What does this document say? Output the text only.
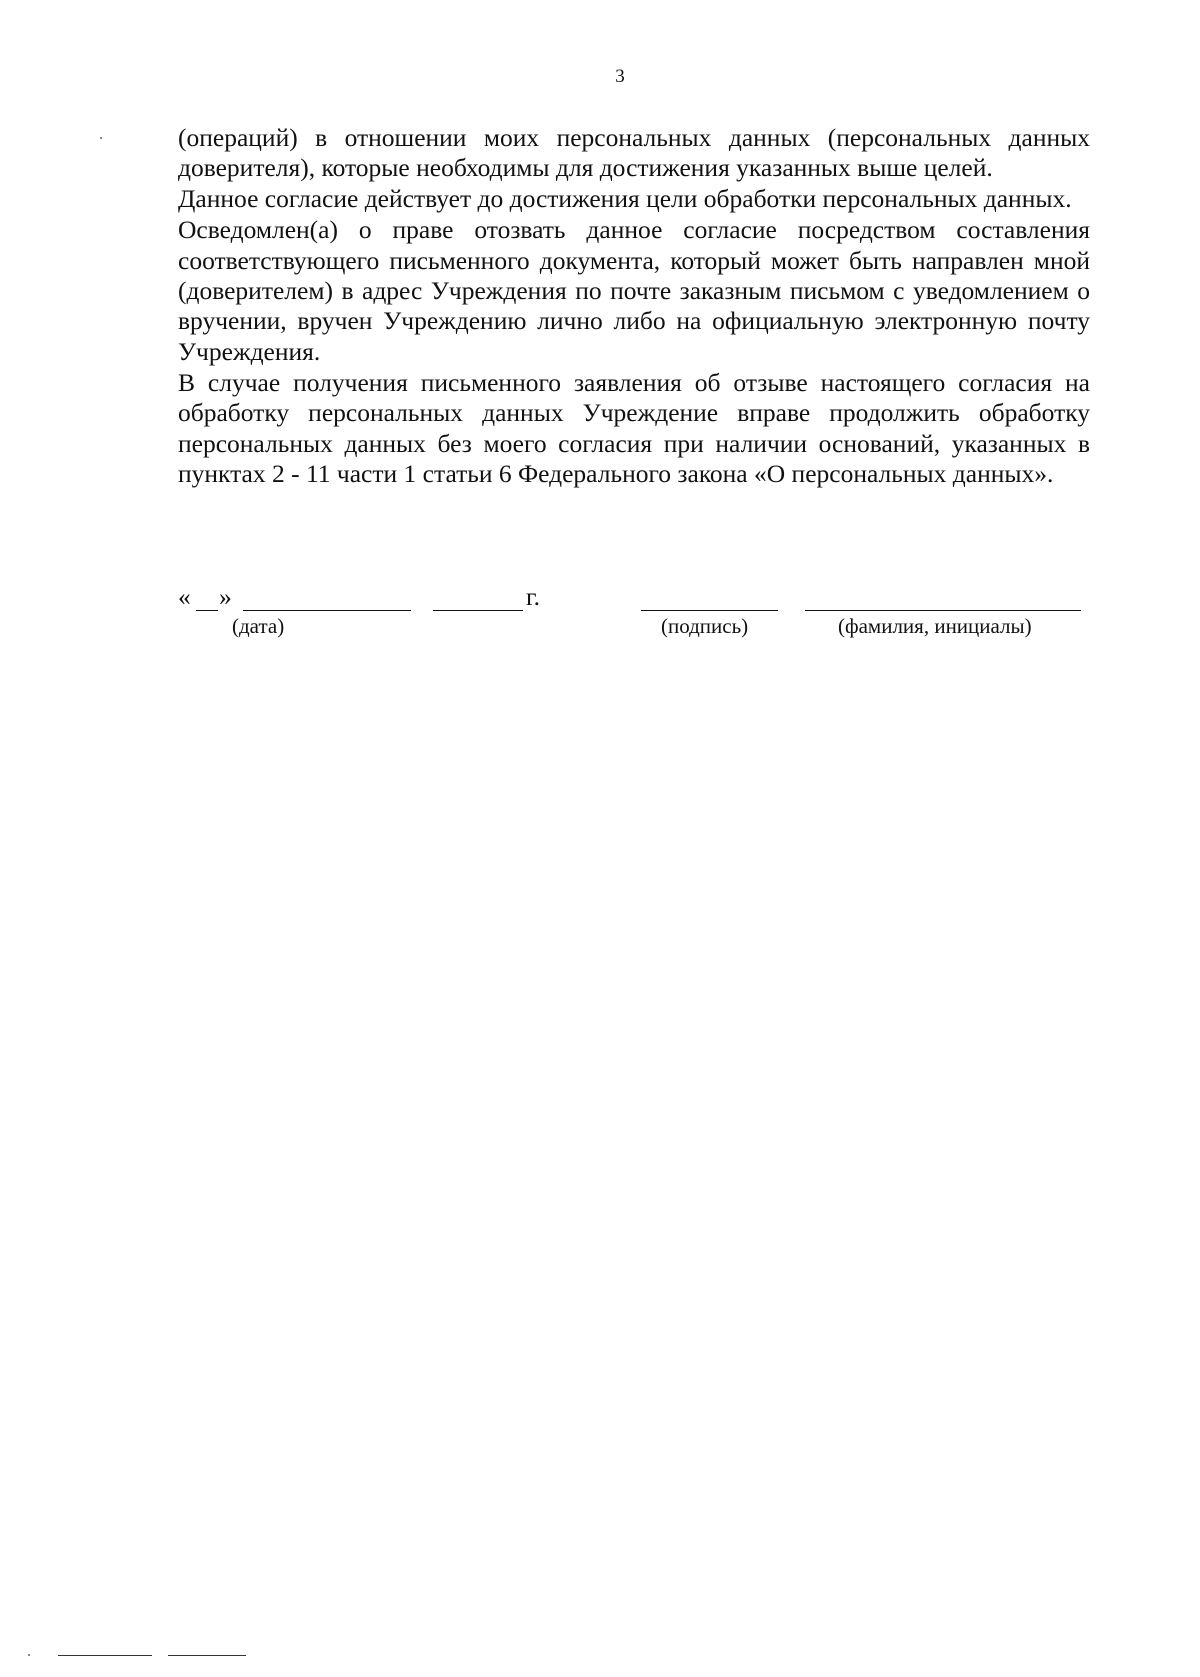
3

(операций) в отношении моих персональных данных (персональных данных доверителя), которые необходимы для достижения указанных выше целей.

Данное согласие действует до достижения цели обработки персональных данных.

Осведомлен(а) о праве отозвать данное согласие посредством составления соответствующего письменного документа, который может быть направлен мной (доверителем) в адрес Учреждения по почте заказным письмом с уведомлением о вручении, вручен Учреждению лично либо на официальную электронную почту Учреждения.

В случае получения письменного заявления об отзыве настоящего согласия на обработку персональных данных Учреждение вправе продолжить обработку персональных данных без моего согласия при наличии оснований, указанных в пунктах 2 - 11 части 1 статьи 6 Федерального закона «О персональных данных».

« »	г.
(дата)	(подпись)	(фамилия, инициалы)
